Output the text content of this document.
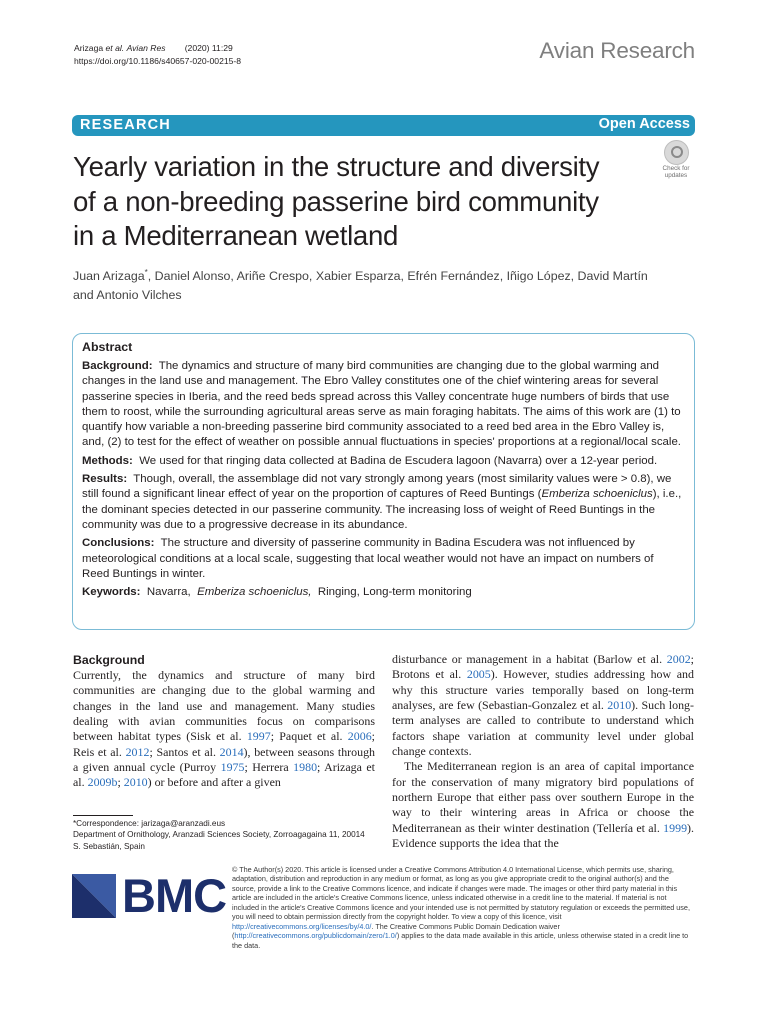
Arizaga et al. Avian Res (2020) 11:29
https://doi.org/10.1186/s40657-020-00215-8	Avian Research
RESEARCH	Open Access
Yearly variation in the structure and diversity
of a non-breeding passerine bird community
in a Mediterranean wetland
Check for
updates
Juan Arizaga*, Daniel Alonso, Ariñe Crespo, Xabier Esparza, Efrén Fernández, Iñigo López, David Martín
and Antonio Vilches
Abstract
Background: The dynamics and structure of many bird communities are changing due to the global warming and changes in the land use and management. The Ebro Valley constitutes one of the chief wintering areas for several passerine species in Iberia, and the reed beds spread across this Valley concentrate huge numbers of birds that use them to roost, while the surrounding agricultural areas serve as main foraging habitats. The aims of this work are (1) to quantify how variable a non-breeding passerine bird community associated to a reed bed area in the Ebro Valley is, and, (2) to test for the effect of weather on possible annual fluctuations in species' proportions at a regional/local scale.
Methods: We used for that ringing data collected at Badina de Escudera lagoon (Navarra) over a 12-year period.
Results: Though, overall, the assemblage did not vary strongly among years (most similarity values were > 0.8), we still found a significant linear effect of year on the proportion of captures of Reed Buntings (Emberiza schoeniclus), i.e., the dominant species detected in our passerine community. The increasing loss of weight of Reed Buntings in the community was due to a progressive decrease in its abundance.
Conclusions: The structure and diversity of passerine community in Badina Escudera was not influenced by meteorological conditions at a local scale, suggesting that local weather would not have an impact on numbers of Reed Buntings in winter.
Keywords: Navarra, Emberiza schoeniclus, Ringing, Long-term monitoring
Background

Currently, the dynamics and structure of many bird communities are changing due to the global warming and changes in the land use and management. Many studies dealing with avian communities focus on comparisons between habitat types (Sisk et al. 1997; Paquet et al. 2006; Reis et al. 2012; Santos et al. 2014), between seasons through a given annual cycle (Purroy 1975; Herrera 1980; Arizaga et al. 2009b; 2010) or before and after a given

disturbance or management in a habitat (Barlow et al. 2002; Brotons et al. 2005). However, studies addressing how and why this structure varies temporally based on long-term analyses, are few (Sebastian-Gonzalez et al. 2010). Such long-term analyses are called to contribute to understand which factors shape variation at community level under global change contexts.

The Mediterranean region is an area of capital importance for the conservation of many migratory bird populations of northern Europe that either pass over southern Europe in the way to their wintering areas in Africa or choose the Mediterranean as their winter destination (Tellería et al. 1999). Evidence supports the idea that the

*Correspondence: jarizaga@aranzadi.eus
Department of Ornithology, Aranzadi Sciences Society, Zorroagagaina 11, 20014 S. Sebastián, Spain
BMC © The Author(s) 2020. This article is licensed under a Creative Commons Attribution 4.0 International License, which permits use, sharing, adaptation, distribution and reproduction in any medium or format, as long as you give appropriate credit to the original author(s) and the source, provide a link to the Creative Commons licence, and indicate if changes were made. The images or other third party material in this article are included in the article's Creative Commons licence, unless indicated otherwise in a credit line to the material. If material is not included in the article's Creative Commons licence and your intended use is not permitted by statutory regulation or exceeds the permitted use, you will need to obtain permission directly from the copyright holder. To view a copy of this licence, visit http://creativecommons.org/licenses/by/4.0/. The Creative Commons Public Domain Dedication waiver (http://creativecommons.org/publicdomain/zero/1.0/) applies to the data made available in this article, unless otherwise stated in a credit line to the data.
